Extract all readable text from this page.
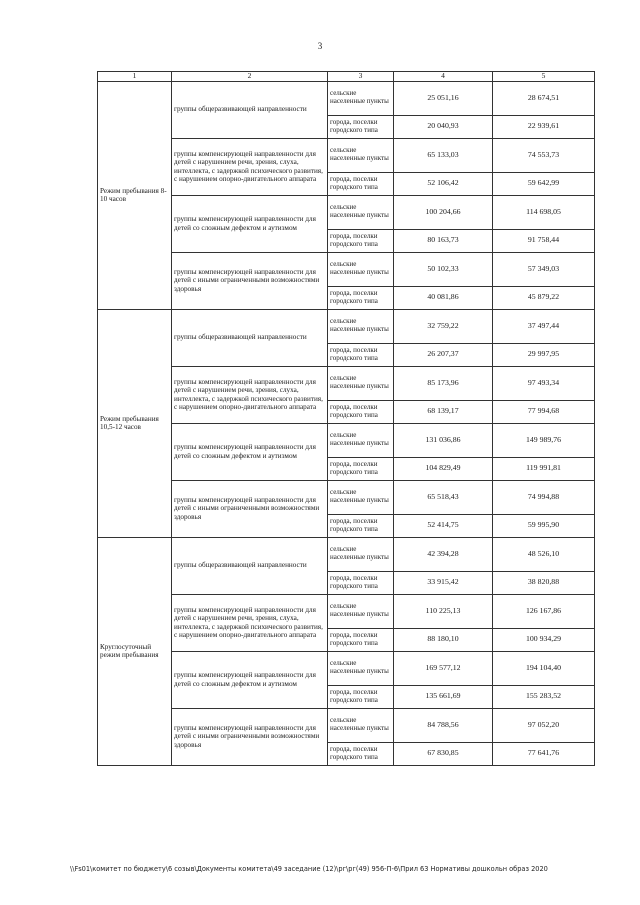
3
1	2	3	4	5
Режим пребывания 8-10 часов	группы общеразвивающей направленности	сельские населенные пункты	25 051,16	28 674,51
		города, поселки городского типа	20 040,93	22 939,61
	группы компенсирующей направленности для детей с нарушением речи, зрения, слуха, интеллекта, с задержкой психического развития, с нарушением опорно-двигательного аппарата	сельские населенные пункты	65 133,03	74 553,73
		города, поселки городского типа	52 106,42	59 642,99
	группы компенсирующей направленности для детей со сложным дефектом и аутизмом	сельские населенные пункты	100 204,66	114 698,05
		города, поселки городского типа	80 163,73	91 758,44
	группы компенсирующей направленности для детей с иными ограниченными возможностями здоровья	сельские населенные пункты	50 102,33	57 349,03
		города, поселки городского типа	40 081,86	45 879,22
Режим пребывания 10,5-12 часов	группы общеразвивающей направленности	сельские населенные пункты	32 759,22	37 497,44
		города, поселки городского типа	26 207,37	29 997,95
	группы компенсирующей направленности для детей с нарушением речи, зрения, слуха, интеллекта, с задержкой психического развития, с нарушением опорно-двигательного аппарата	сельские населенные пункты	85 173,96	97 493,34
		города, поселки городского типа	68 139,17	77 994,68
	группы компенсирующей направленности для детей со сложным дефектом и аутизмом	сельские населенные пункты	131 036,86	149 989,76
		города, поселки городского типа	104 829,49	119 991,81
	группы компенсирующей направленности для детей с иными ограниченными возможностями здоровья	сельские населенные пункты	65 518,43	74 994,88
		города, поселки городского типа	52 414,75	59 995,90
Круглосуточный режим пребывания	группы общеразвивающей направленности	сельские населенные пункты	42 394,28	48 526,10
		города, поселки городского типа	33 915,42	38 820,88
	группы компенсирующей направленности для детей с нарушением речи, зрения, слуха, интеллекта, с задержкой психического развития, с нарушением опорно-двигательного аппарата	сельские населенные пункты	110 225,13	126 167,86
		города, поселки городского типа	88 180,10	100 934,29
	группы компенсирующей направленности для детей со сложным дефектом и аутизмом	сельские населенные пункты	169 577,12	194 104,40
		города, поселки городского типа	135 661,69	155 283,52
	группы компенсирующей направленности для детей с иными ограниченными возможностями здоровья	сельские населенные пункты	84 788,56	97 052,20
		города, поселки городского типа	67 830,85	77 641,76
\\Fs01\комитет по бюджету\6 созыв\Документы комитета\49 заседание (12)\рг\рг(49) 956-П-6\Прил 63 Нормативы дошкольн образ 2020
